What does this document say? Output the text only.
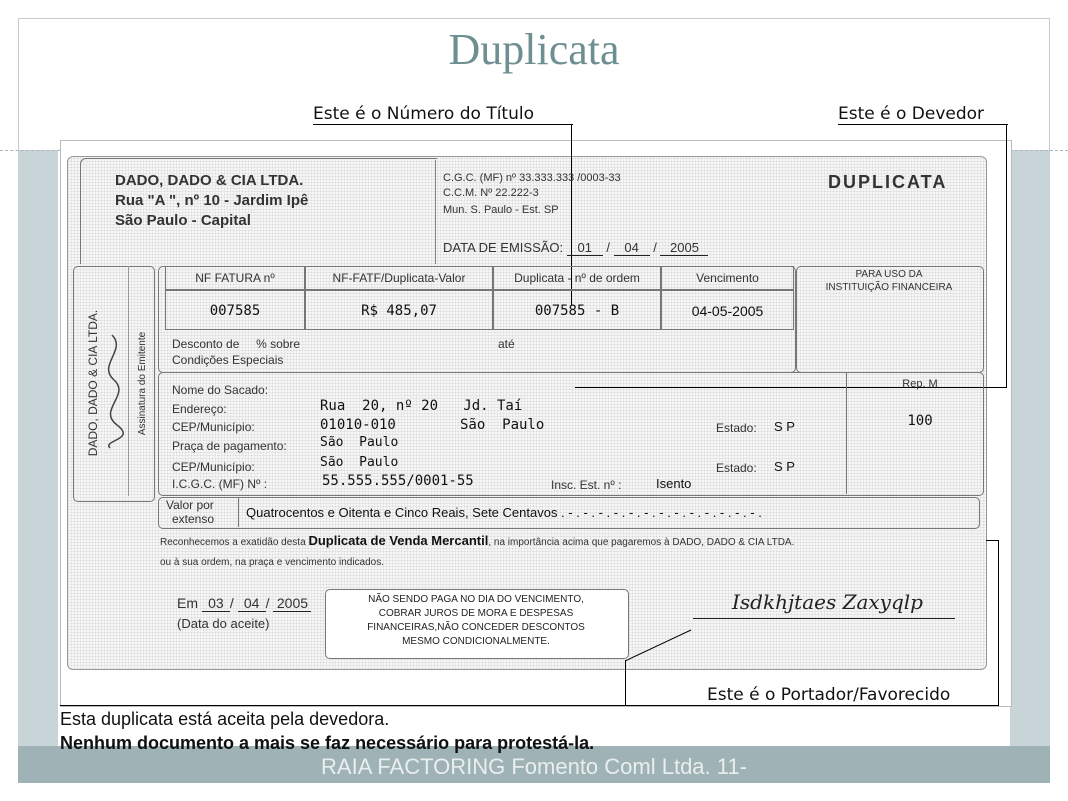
RAIA FACTORING Fomento Coml Ltda. 11-
Duplicata
Este é o Número do Título	Este é o Devedor
Este é o Portador/Favorecido
DADO, DADO & CIA LTDA.
Rua "A ", nº 10 - Jardim Ipê
São Paulo - Capital
C.G.C. (MF) nº 33.333.333 /0003-33
C.C.M. Nº 22.222-3
Mun. S. Paulo - Est. SP
DATA DE EMISSÃO: 01 / 04 / 2005
DUPLICATA
DADO, DADO & CIA LTDA.	Assinatura do Emitente
NF FATURA nº	NF-FATF/Duplicata-Valor	Duplicata - nº de ordem	Vencimento
007585	R$ 485,07	007585 - B	04-05-2005
Desconto de % sobre	até
Condições Especiais
PARA USO DA
INSTITUIÇÃO FINANCEIRA
Rep. M
100
Nome do Sacado:
Endereço:	Rua  20, nº 20   Jd. Taí
CEP/Município:	01010-010	São  Paulo	Estado: S P
Praça de pagamento:	São  Paulo
CEP/Município:	São  Paulo	Estado: S P
I.C.G.C. (MF) Nº :	55.555.555/0001-55	Insc. Est. nº :	Isento
Valor por
extenso Quatrocentos e Oitenta e Cinco Reais, Sete Centavos . - . - . - . - . - . - . - . - . - . - . - . - . - .
Reconhecemos a exatidão desta Duplicata de Venda Mercantil, na importância acima que pagaremos à DADO, DADO & CIA LTDA.
ou à sua ordem, na praça e vencimento indicados.
Em 03 / 04 / 2005
(Data do aceite)
NÃO SENDO PAGA NO DIA DO VENCIMENTO,
COBRAR JUROS DE MORA E DESPESAS
FINANCEIRAS,NÃO CONCEDER DESCONTOS
MESMO CONDICIONALMENTE.
Isdkhjtaes Zaxyqlp
Esta duplicata está aceita pela devedora.
Nenhum documento a mais se faz necessário para protestá-la.
